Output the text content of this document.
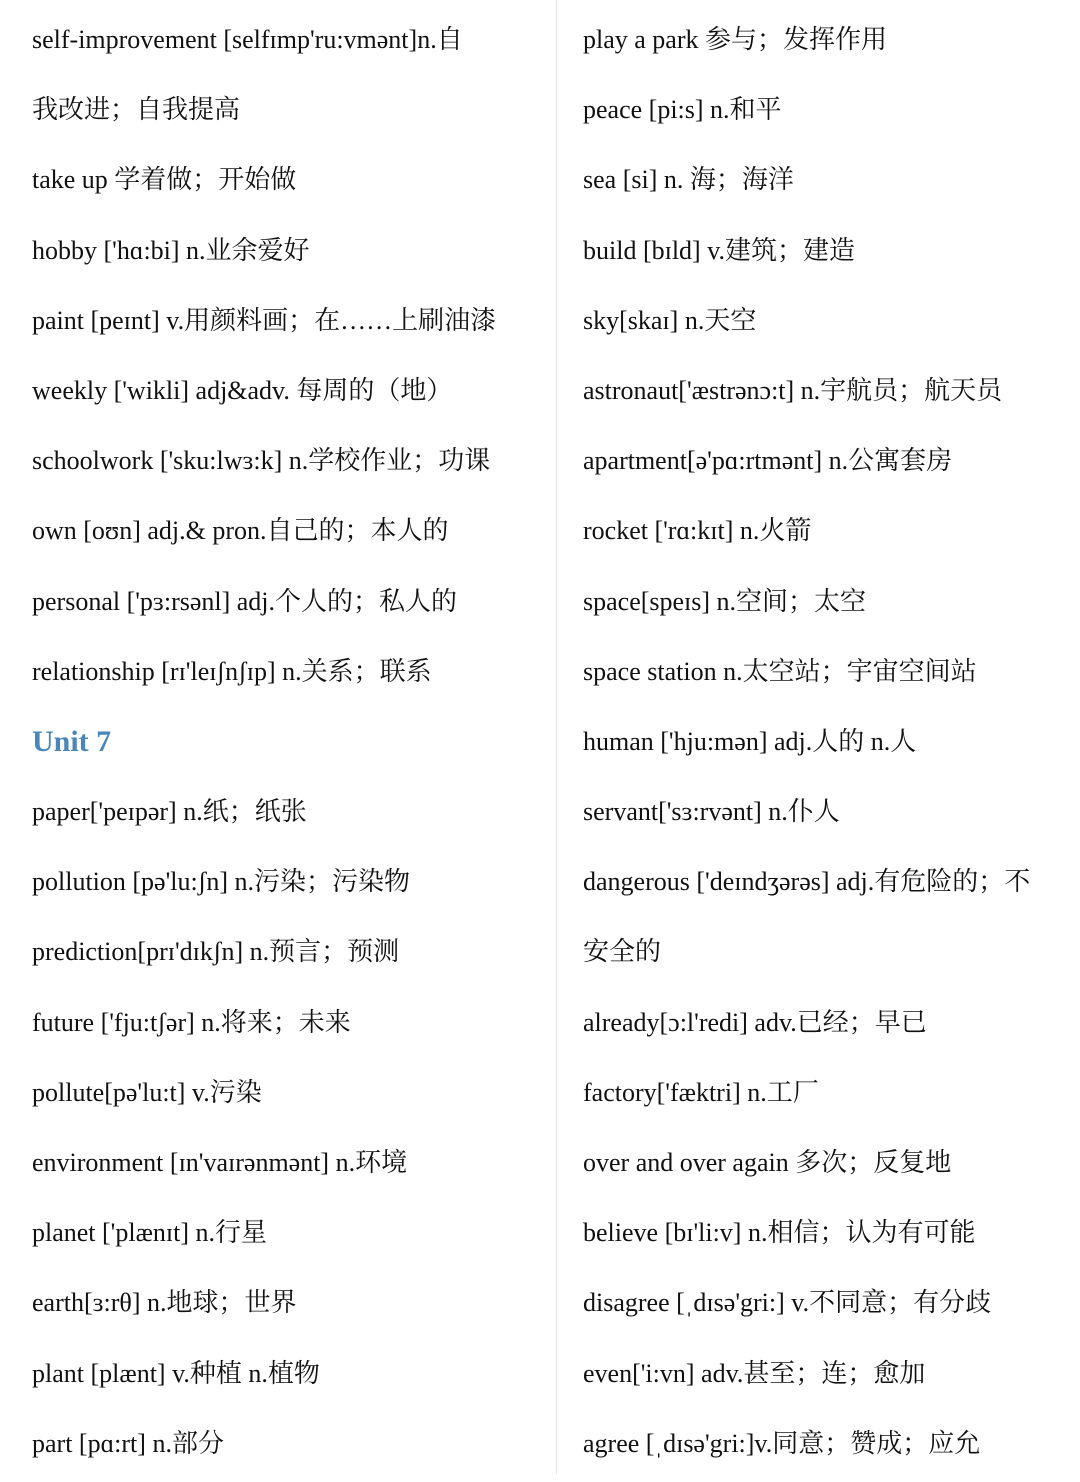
self-improvement [selfɪmp'ru:vmənt]n.自
我改进；自我提高
take up 学着做；开始做
hobby ['hɑ:bi] n.业余爱好
paint [peɪnt] v.用颜料画；在……上刷油漆
weekly ['wikli] adj&adv. 每周的（地）
schoolwork ['sku:lwɜ:k] n.学校作业；功课
own [oʊn] adj.& pron.自己的；本人的
personal ['pɜ:rsənl] adj.个人的；私人的
relationship [rɪ'leɪʃnʃɪp] n.关系；联系
Unit 7
paper['peɪpər] n.纸；纸张
pollution [pə'lu:ʃn] n.污染；污染物
prediction[prɪ'dɪkʃn] n.预言；预测
future ['fju:tʃər] n.将来；未来
pollute[pə'lu:t] v.污染
environment [ɪn'vaɪrənmənt] n.环境
planet ['plænɪt] n.行星
earth[ɜ:rθ] n.地球；世界
plant [plænt] v.种植 n.植物
part [pɑ:rt] n.部分
play a park 参与；发挥作用
peace [pi:s] n.和平
sea [si] n. 海；海洋
build [bɪld] v.建筑；建造
sky[skaɪ] n.天空
astronaut['æstrənɔ:t] n.宇航员；航天员
apartment[ə'pɑ:rtmənt] n.公寓套房
rocket ['rɑ:kɪt] n.火箭
space[speɪs] n.空间；太空
space station n.太空站；宇宙空间站
human ['hju:mən] adj.人的 n.人
servant['sɜ:rvənt] n.仆人
dangerous ['deɪndʒərəs] adj.有危险的；不
安全的
already[ɔ:l'redi] adv.已经；早已
factory['fæktri] n.工厂
over and over again 多次；反复地
believe [bɪ'li:v] n.相信；认为有可能
disagree [ˌdɪsə'gri:] v.不同意；有分歧
even['i:vn] adv.甚至；连；愈加
agree [ˌdɪsə'gri:]v.同意；赞成；应允
